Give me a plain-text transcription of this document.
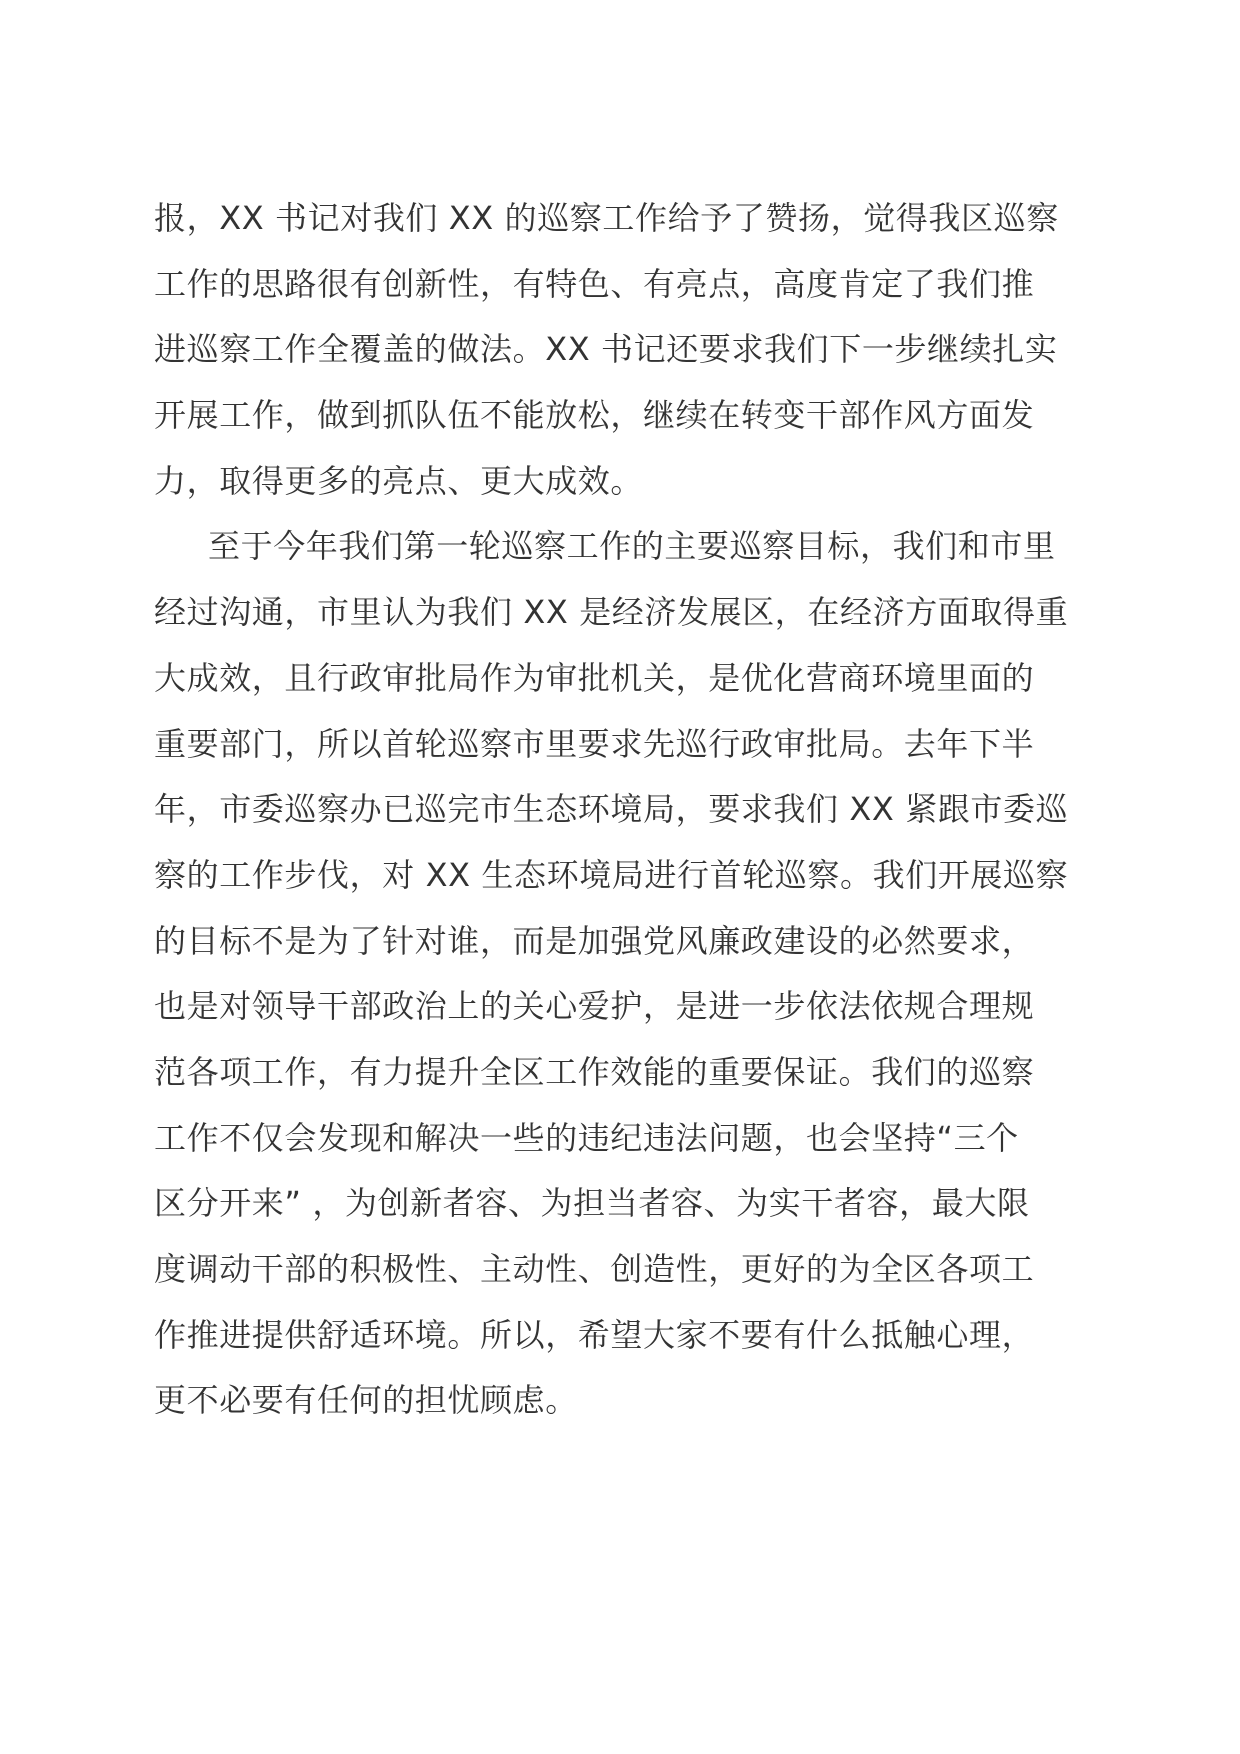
报，XX 书记对我们 XX 的巡察工作给予了赞扬，觉得我区巡察
工作的思路很有创新性，有特色、有亮点，高度肯定了我们推
进巡察工作全覆盖的做法。XX 书记还要求我们下一步继续扎实
开展工作，做到抓队伍不能放松，继续在转变干部作风方面发
力，取得更多的亮点、更大成效。
至于今年我们第一轮巡察工作的主要巡察目标，我们和市里
经过沟通，市里认为我们 XX 是经济发展区，在经济方面取得重
大成效，且行政审批局作为审批机关，是优化营商环境里面的
重要部门，所以首轮巡察市里要求先巡行政审批局。去年下半
年，市委巡察办已巡完市生态环境局，要求我们 XX 紧跟市委巡
察的工作步伐，对 XX 生态环境局进行首轮巡察。我们开展巡察
的目标不是为了针对谁，而是加强党风廉政建设的必然要求，
也是对领导干部政治上的关心爱护，是进一步依法依规合理规
范各项工作，有力提升全区工作效能的重要保证。我们的巡察
工作不仅会发现和解决一些的违纪违法问题，也会坚持“三个
区分开来” ，为创新者容、为担当者容、为实干者容，最大限
度调动干部的积极性、主动性、创造性，更好的为全区各项工
作推进提供舒适环境。所以，希望大家不要有什么抵触心理，
更不必要有任何的担忧顾虑。
